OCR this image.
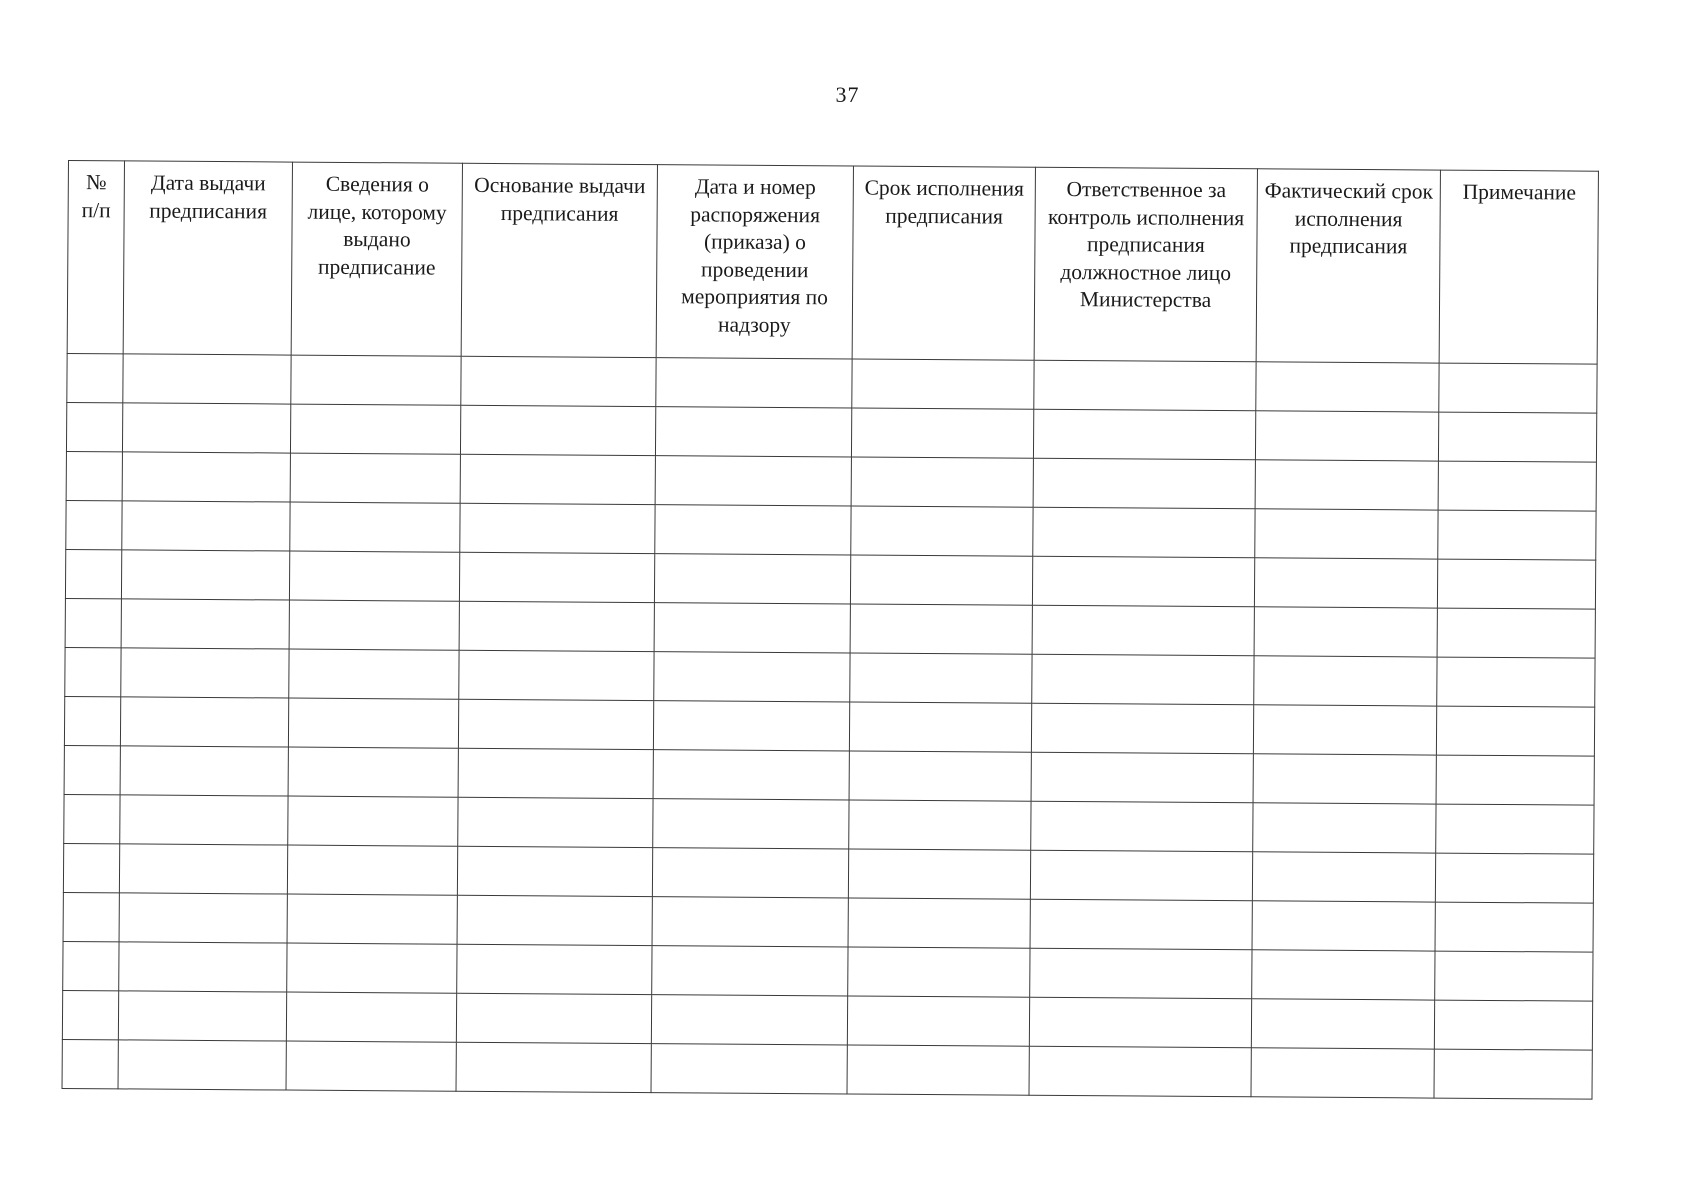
37
№ п/п	Дата выдачи предписания	Сведения о лице, которому выдано предписание	Основание выдачи предписания	Дата и номер распоряжения (приказа) о проведении мероприятия по надзору	Срок исполнения предписания	Ответственное за контроль исполнения предписания должностное лицо Министерства	Фактический срок исполнения предписания	Примечание
